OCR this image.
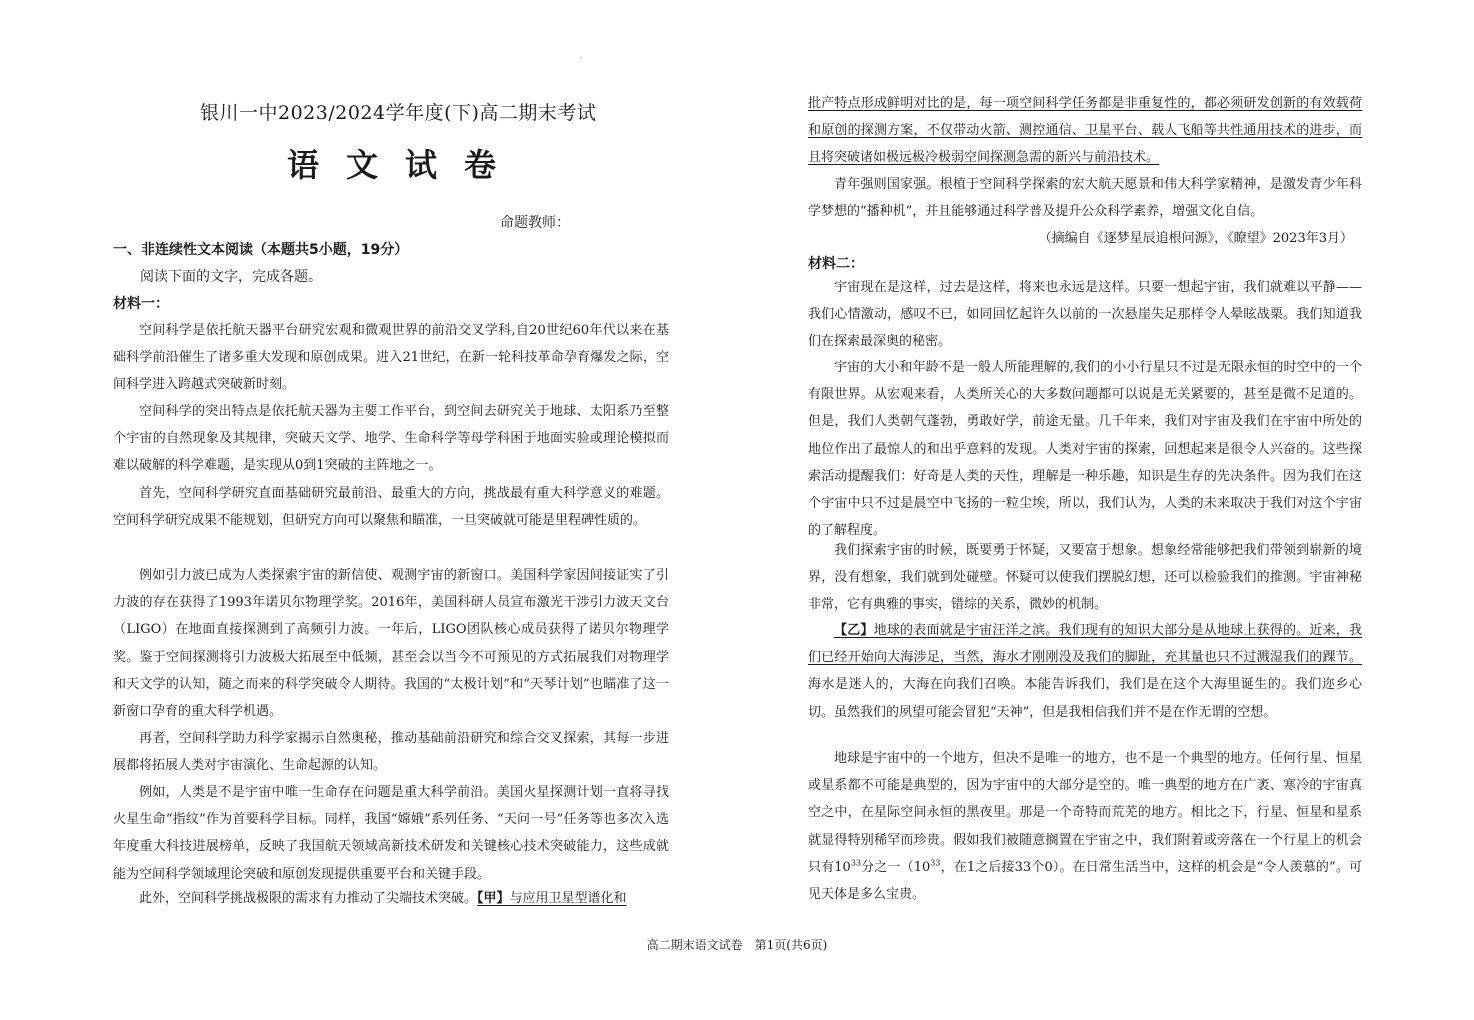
·
银川一中2023/2024学年度(下)高二期末考试
语文试卷
命题教师：
一、非连续性文本阅读（本题共5小题，19分）
阅读下面的文字，完成各题。
材料一：
空间科学是依托航天器平台研究宏观和微观世界的前沿交叉学科,自20世纪60年代以来在基础科学前沿催生了诸多重大发现和原创成果。进入21世纪，在新一轮科技革命孕育爆发之际，空间科学进入跨越式突破新时刻。
空间科学的突出特点是依托航天器为主要工作平台，到空间去研究关于地球、太阳系乃至整个宇宙的自然现象及其规律，突破天文学、地学、生命科学等母学科困于地面实验或理论模拟而难以破解的科学难题，是实现从0到1突破的主阵地之一。
首先，空间科学研究直面基础研究最前沿、最重大的方向，挑战最有重大科学意义的难题。空间科学研究成果不能规划，但研究方向可以聚焦和瞄准，一旦突破就可能是里程碑性质的。
例如引力波已成为人类探索宇宙的新信使、观测宇宙的新窗口。美国科学家因间接证实了引力波的存在获得了1993年诺贝尔物理学奖。2016年，美国科研人员宣布激光干涉引力波天文台（LIGO）在地面直接探测到了高频引力波。一年后，LIGO团队核心成员获得了诺贝尔物理学奖。鉴于空间探测将引力波极大拓展至中低频，甚至会以当今不可预见的方式拓展我们对物理学和天文学的认知，随之而来的科学突破令人期待。我国的“太极计划”和“天琴计划”也瞄准了这一新窗口孕育的重大科学机遇。
再者，空间科学助力科学家揭示自然奥秘，推动基础前沿研究和综合交叉探索，其每一步进展都将拓展人类对宇宙演化、生命起源的认知。
例如，人类是不是宇宙中唯一生命存在问题是重大科学前沿。美国火星探测计划一直将寻找火星生命“指纹”作为首要科学目标。同样，我国“嫦娥”系列任务、“天问一号”任务等也多次入选年度重大科技进展榜单，反映了我国航天领域高新技术研发和关键核心技术突破能力，这些成就能为空间科学领域理论突破和原创发现提供重要平台和关键手段。
此外，空间科学挑战极限的需求有力推动了尖端技术突破。【甲】与应用卫星型谱化和
批产特点形成鲜明对比的是，每一项空间科学任务都是非重复性的，都必须研发创新的有效载荷和原创的探测方案，不仅带动火箭、测控通信、卫星平台、载人飞船等共性通用技术的进步，而且将突破诸如极远极冷极弱空间探测急需的新兴与前沿技术。
青年强则国家强。根植于空间科学探索的宏大航天愿景和伟大科学家精神，是激发青少年科学梦想的“播种机”，并且能够通过科学普及提升公众科学素养，增强文化自信。
（摘编自《逐梦星辰追根问源》，《瞭望》2023年3月）
材料二：
宇宙现在是这样，过去是这样，将来也永远是这样。只要一想起宇宙，我们就难以平静——我们心情激动，感叹不已，如同回忆起许久以前的一次悬崖失足那样令人晕眩战栗。我们知道我们在探索最深奥的秘密。
宇宙的大小和年龄不是一般人所能理解的,我们的小小行星只不过是无限永恒的时空中的一个有限世界。从宏观来看，人类所关心的大多数问题都可以说是无关紧要的，甚至是微不足道的。但是，我们人类朝气蓬勃，勇敢好学，前途无量。几千年来，我们对宇宙及我们在宇宙中所处的地位作出了最惊人的和出乎意料的发现。人类对宇宙的探索，回想起来是很令人兴奋的。这些探索活动提醒我们：好奇是人类的天性，理解是一种乐趣，知识是生存的先决条件。因为我们在这个宇宙中只不过是晨空中飞扬的一粒尘埃，所以，我们认为，人类的未来取决于我们对这个宇宙的了解程度。
我们探索宇宙的时候，既要勇于怀疑，又要富于想象。想象经常能够把我们带领到崭新的境界，没有想象，我们就到处碰壁。怀疑可以使我们摆脱幻想，还可以检验我们的推测。宇宙神秘非常，它有典雅的事实，错综的关系，微妙的机制。
【乙】地球的表面就是宇宙汪洋之滨。我们现有的知识大部分是从地球上获得的。近来，我们已经开始向大海涉足，当然，海水才刚刚没及我们的脚趾，充其量也只不过溅湿我们的踝节。海水是迷人的，大海在向我们召唤。本能告诉我们，我们是在这个大海里诞生的。我们迩乡心切。虽然我们的夙望可能会冒犯“天神”，但是我相信我们并不是在作无谓的空想。
地球是宇宙中的一个地方，但决不是唯一的地方，也不是一个典型的地方。任何行星、恒星或星系都不可能是典型的，因为宇宙中的大部分是空的。唯一典型的地方在广袤、寒冷的宇宙真空之中，在星际空间永恒的黑夜里。那是一个奇特而荒芜的地方。相比之下，行星、恒星和星系就显得特别稀罕而珍贵。假如我们被随意搁置在宇宙之中，我们附着或旁落在一个行星上的机会只有$10^{33}$分之一（$10^{33}$，在1之后接33个0）。在日常生活当中，这样的机会是“令人羡慕的”。可见天体是多么宝贵。
高二期末语文试卷　第1页(共6页)
